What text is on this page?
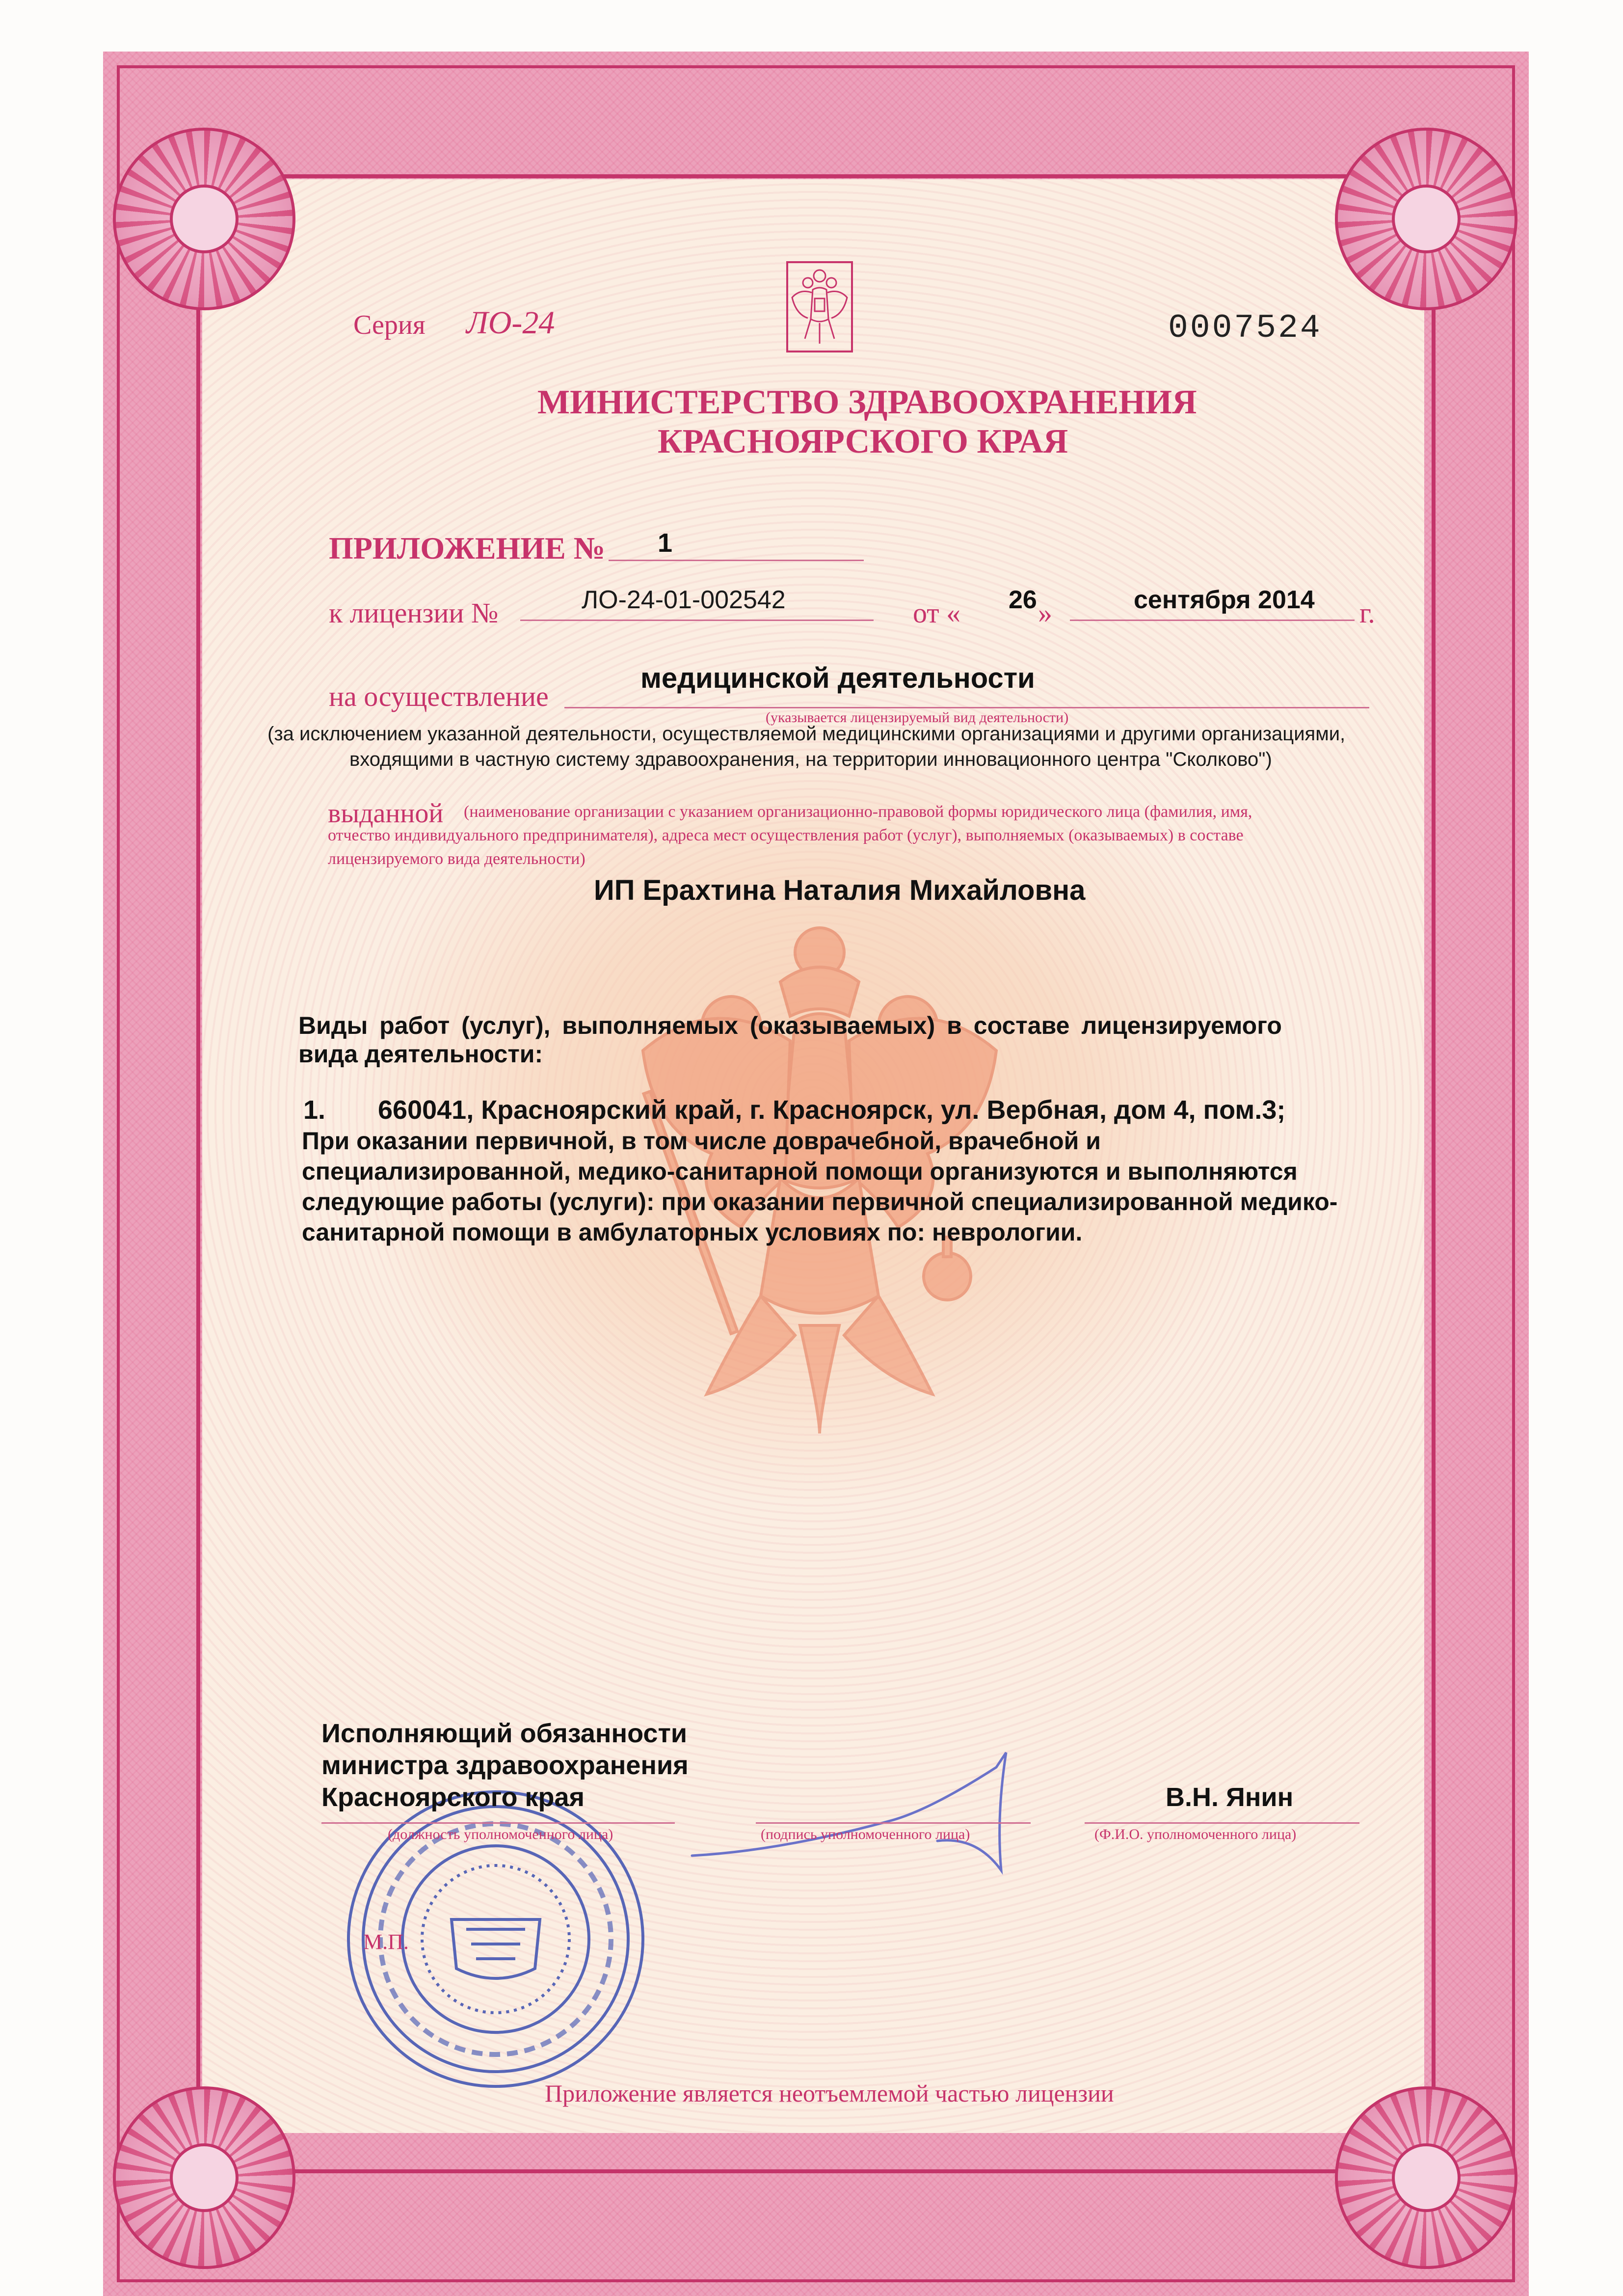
Серия ЛО-24	0007524

МИНИСТЕРСТВО ЗДРАВООХРАНЕНИЯ

КРАСНОЯРСКОГО КРАЯ

ПРИЛОЖЕНИЕ № 1

к лицензии №	ЛО-24-01-002542	от « 26 »	сентября 2014 г.

на осуществление

медицинской деятельности

(указывается лицензируемый вид деятельности)

(за исключением указанной деятельности, осуществляемой медицинскими организациями и другими организациями,

входящими в частную систему здравоохранения, на территории инновационного центра "Сколково")

выданной (наименование организации с указанием организационно-правовой формы юридического лица (фамилия, имя,

отчество индивидуального предпринимателя), адреса мест осуществления работ (услуг), выполняемых (оказываемых) в составе

лицензируемого вида деятельности)

ИП Ерахтина Наталия Михайловна

Виды работ (услуг), выполняемых (оказываемых) в составе лицензируемого

вида деятельности:

1. 660041, Красноярский край, г. Красноярск, ул. Вербная, дом 4, пом.3;

При оказании первичной, в том числе доврачебной, врачебной и

специализированной, медико-санитарной помощи организуются и выполняются

следующие работы (услуги): при оказании первичной специализированной медико-

санитарной помощи в амбулаторных условиях по: неврологии.

Исполняющий обязанности

министра здравоохранения

Красноярского края	В.Н. Янин

(должность уполномоченного лица)	(подпись уполномоченного лица)	(Ф.И.О. уполномоченного лица)

М.П.

Приложение является неотъемлемой частью лицензии
